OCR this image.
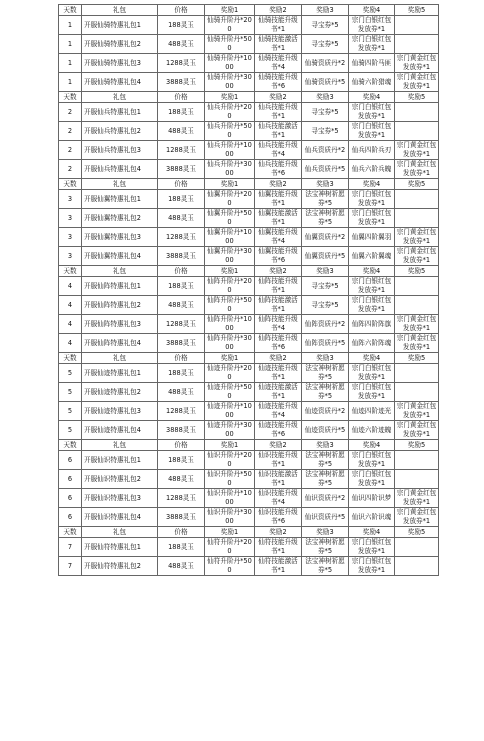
天数	礼包	价格	奖励1	奖励2	奖励3	奖励4	奖励5
1	开服仙骑特惠礼包1	188灵玉	仙骑升阶丹*200	仙骑技能升级书*1	寻宝券*5	宗门白银红包发放券*1	
1	开服仙骑特惠礼包2	488灵玉	仙骑升阶丹*500	仙骑技能激活书*1	寻宝券*5	宗门白银红包发放券*1	
1	开服仙骑特惠礼包3	1288灵玉	仙骑升阶丹*1000	仙骑技能升级书*4	仙骑资质丹*2	仙骑四阶马匪	宗门黄金红包发放券*1
1	开服仙骑特惠礼包4	3888灵玉	仙骑升阶丹*3000	仙骑技能升级书*6	仙骑资质丹*5	仙骑六阶猎魂	宗门黄金红包发放券*1
天数	礼包	价格	奖励1	奖励2	奖励3	奖励4	奖励5
2	开服仙兵特惠礼包1	188灵玉	仙兵升阶丹*200	仙兵技能升级书*1	寻宝券*5	宗门白银红包发放券*1	
2	开服仙兵特惠礼包2	488灵玉	仙兵升阶丹*500	仙兵技能激活书*1	寻宝券*5	宗门白银红包发放券*1	
2	开服仙兵特惠礼包3	1288灵玉	仙兵升阶丹*1000	仙兵技能升级书*4	仙兵资质丹*2	仙兵四阶兵刃	宗门黄金红包发放券*1
2	开服仙兵特惠礼包4	3888灵玉	仙兵升阶丹*3000	仙兵技能升级书*6	仙兵资质丹*5	仙兵六阶兵魄	宗门黄金红包发放券*1
天数	礼包	价格	奖励1	奖励2	奖励3	奖励4	奖励5
3	开服仙翼特惠礼包1	188灵玉	仙翼升阶丹*200	仙翼技能升级书*1	法宝神树祈愿券*5	宗门白银红包发放券*1	
3	开服仙翼特惠礼包2	488灵玉	仙翼升阶丹*500	仙翼技能激活书*1	法宝神树祈愿券*5	宗门白银红包发放券*1	
3	开服仙翼特惠礼包3	1288灵玉	仙翼升阶丹*1000	仙翼技能升级书*4	仙翼资质丹*2	仙翼四阶翼羽	宗门黄金红包发放券*1
3	开服仙翼特惠礼包4	3888灵玉	仙翼升阶丹*3000	仙翼技能升级书*6	仙翼资质丹*5	仙翼六阶翼魂	宗门黄金红包发放券*1
天数	礼包	价格	奖励1	奖励2	奖励3	奖励4	奖励5
4	开服仙阵特惠礼包1	188灵玉	仙阵升阶丹*200	仙阵技能升级书*1	寻宝券*5	宗门白银红包发放券*1	
4	开服仙阵特惠礼包2	488灵玉	仙阵升阶丹*500	仙阵技能激活书*1	寻宝券*5	宗门白银红包发放券*1	
4	开服仙阵特惠礼包3	1288灵玉	仙阵升阶丹*1000	仙阵技能升级书*4	仙阵资质丹*2	仙阵四阶阵旗	宗门黄金红包发放券*1
4	开服仙阵特惠礼包4	3888灵玉	仙阵升阶丹*3000	仙阵技能升级书*6	仙阵资质丹*5	仙阵六阶阵魂	宗门黄金红包发放券*1
天数	礼包	价格	奖励1	奖励2	奖励3	奖励4	奖励5
5	开服仙迹特惠礼包1	188灵玉	仙迹升阶丹*200	仙迹技能升级书*1	法宝神树祈愿券*5	宗门白银红包发放券*1	
5	开服仙迹特惠礼包2	488灵玉	仙迹升阶丹*500	仙迹技能激活书*1	法宝神树祈愿券*5	宗门白银红包发放券*1	
5	开服仙迹特惠礼包3	1288灵玉	仙迹升阶丹*1000	仙迹技能升级书*4	仙迹资质丹*2	仙迹四阶迹光	宗门黄金红包发放券*1
5	开服仙迹特惠礼包4	3888灵玉	仙迹升阶丹*3000	仙迹技能升级书*6	仙迹资质丹*5	仙迹六阶迹魄	宗门黄金红包发放券*1
天数	礼包	价格	奖励1	奖励2	奖励3	奖励4	奖励5
6	开服仙识特惠礼包1	188灵玉	仙识升阶丹*200	仙识技能升级书*1	法宝神树祈愿券*5	宗门白银红包发放券*1	
6	开服仙识特惠礼包2	488灵玉	仙识升阶丹*500	仙识技能激活书*1	法宝神树祈愿券*5	宗门白银红包发放券*1	
6	开服仙识特惠礼包3	1288灵玉	仙识升阶丹*1000	仙识技能升级书*4	仙识资质丹*2	仙识四阶识梦	宗门黄金红包发放券*1
6	开服仙识特惠礼包4	3888灵玉	仙识升阶丹*3000	仙识技能升级书*6	仙识资质丹*5	仙识六阶识魂	宗门黄金红包发放券*1
天数	礼包	价格	奖励1	奖励2	奖励3	奖励4	奖励5
7	开服仙符特惠礼包1	188灵玉	仙符升阶丹*200	仙符技能升级书*1	法宝神树祈愿券*5	宗门白银红包发放券*1	
7	开服仙符特惠礼包2	488灵玉	仙符升阶丹*500	仙符技能激活书*1	法宝神树祈愿券*5	宗门白银红包发放券*1	
